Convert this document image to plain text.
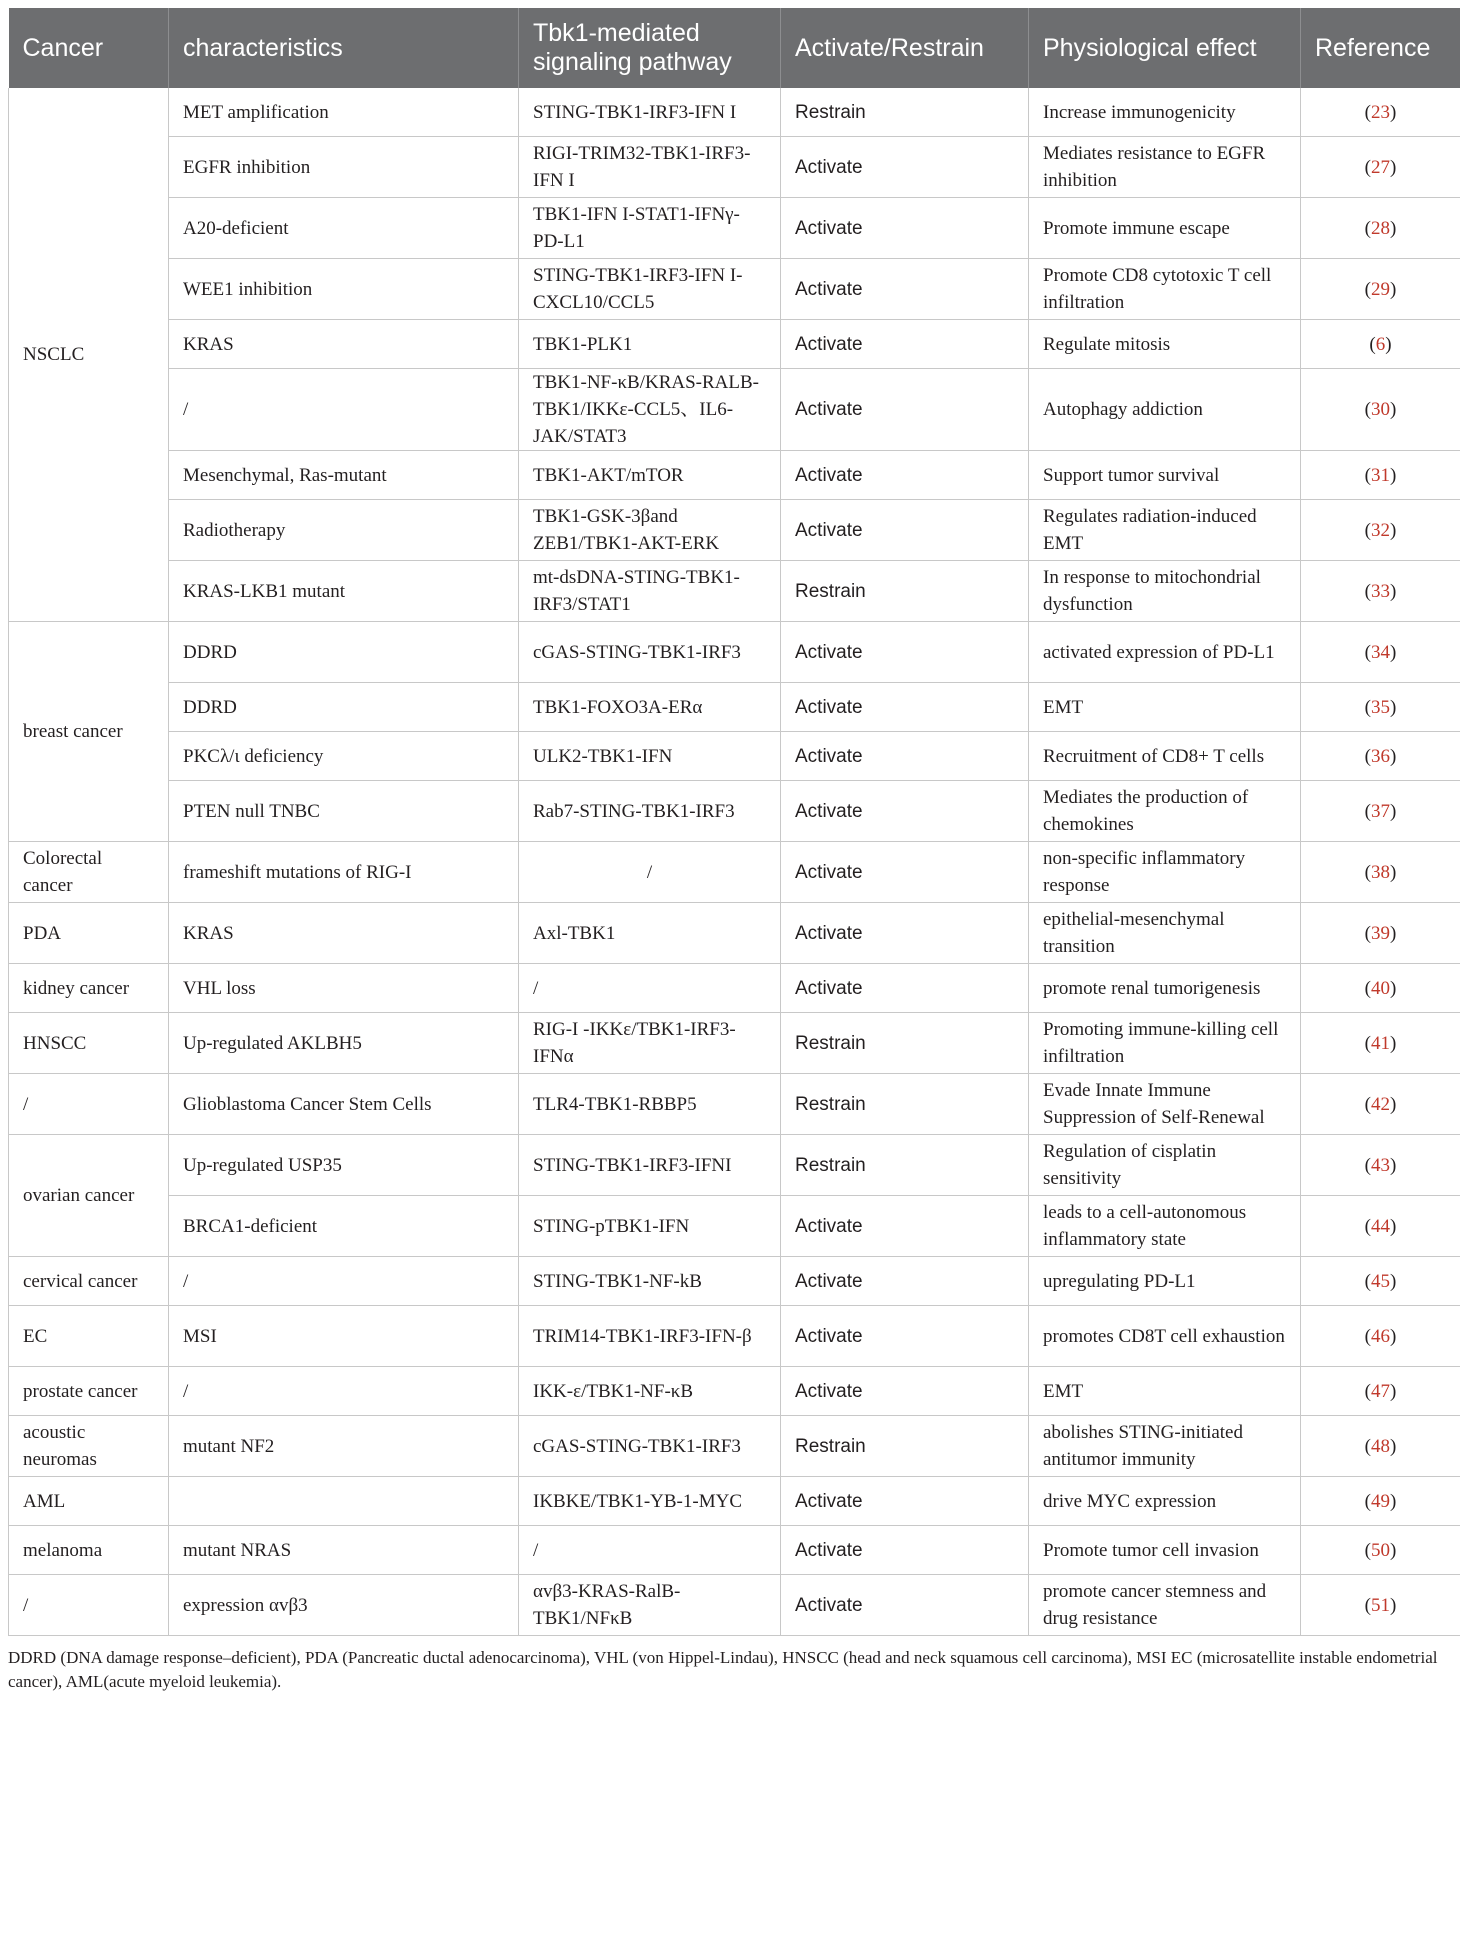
Cancer	characteristics	Tbk1-mediated signaling pathway	Activate/Restrain	Physiological effect	Reference
NSCLC	MET amplification	STING-TBK1-IRF3-IFN I	Restrain	Increase immunogenicity	(23)
	EGFR inhibition	RIGI-TRIM32-TBK1-IRF3-IFN I	Activate	Mediates resistance to EGFR inhibition	(27)
	A20-deficient	TBK1-IFN I-STAT1-IFNγ-PD-L1	Activate	Promote immune escape	(28)
	WEE1 inhibition	STING-TBK1-IRF3-IFN I-CXCL10/CCL5	Activate	Promote CD8 cytotoxic T cell infiltration	(29)
	KRAS	TBK1-PLK1	Activate	Regulate mitosis	(6)
	/	TBK1-NF-κB/KRAS-RALB-TBK1/IKKε-CCL5、IL6-JAK/STAT3	Activate	Autophagy addiction	(30)
	Mesenchymal, Ras-mutant	TBK1-AKT/mTOR	Activate	Support tumor survival	(31)
	Radiotherapy	TBK1-GSK-3βand ZEB1/TBK1-AKT-ERK	Activate	Regulates radiation-induced EMT	(32)
	KRAS-LKB1 mutant	mt-dsDNA-STING-TBK1-IRF3/STAT1	Restrain	In response to mitochondrial dysfunction	(33)
breast cancer	DDRD	cGAS-STING-TBK1-IRF3	Activate	activated expression of PD-L1	(34)
	DDRD	TBK1-FOXO3A-ERα	Activate	EMT	(35)
	PKCλ/ι deficiency	ULK2-TBK1-IFN	Activate	Recruitment of CD8+ T cells	(36)
	PTEN null TNBC	Rab7-STING-TBK1-IRF3	Activate	Mediates the production of chemokines	(37)
Colorectal cancer	frameshift mutations of RIG-I	/	Activate	non-specific inflammatory response	(38)
PDA	KRAS	Axl-TBK1	Activate	epithelial-mesenchymal transition	(39)
kidney cancer	VHL loss	/	Activate	promote renal tumorigenesis	(40)
HNSCC	Up-regulated AKLBH5	RIG-I -IKKε/TBK1-IRF3-IFNα	Restrain	Promoting immune-killing cell infiltration	(41)
/	Glioblastoma Cancer Stem Cells	TLR4-TBK1-RBBP5	Restrain	Evade Innate Immune Suppression of Self-Renewal	(42)
ovarian cancer	Up-regulated USP35	STING-TBK1-IRF3-IFNI	Restrain	Regulation of cisplatin sensitivity	(43)
	BRCA1-deficient	STING-pTBK1-IFN	Activate	leads to a cell-autonomous inflammatory state	(44)
cervical cancer	/	STING-TBK1-NF-kB	Activate	upregulating PD-L1	(45)
EC	MSI	TRIM14-TBK1-IRF3-IFN-β	Activate	promotes CD8T cell exhaustion	(46)
prostate cancer	/	IKK-ε/TBK1-NF-κB	Activate	EMT	(47)
acoustic neuromas	mutant NF2	cGAS-STING-TBK1-IRF3	Restrain	abolishes STING-initiated antitumor immunity	(48)
AML		IKBKE/TBK1-YB-1-MYC	Activate	drive MYC expression	(49)
melanoma	mutant NRAS	/	Activate	Promote tumor cell invasion	(50)
/	expression αvβ3	αvβ3-KRAS-RalB-TBK1/NFκB	Activate	promote cancer stemness and drug resistance	(51)
DDRD (DNA damage response–deficient), PDA (Pancreatic ductal adenocarcinoma), VHL (von Hippel-Lindau), HNSCC (head and neck squamous cell carcinoma), MSI EC (microsatellite instable endometrial cancer), AML(acute myeloid leukemia).
